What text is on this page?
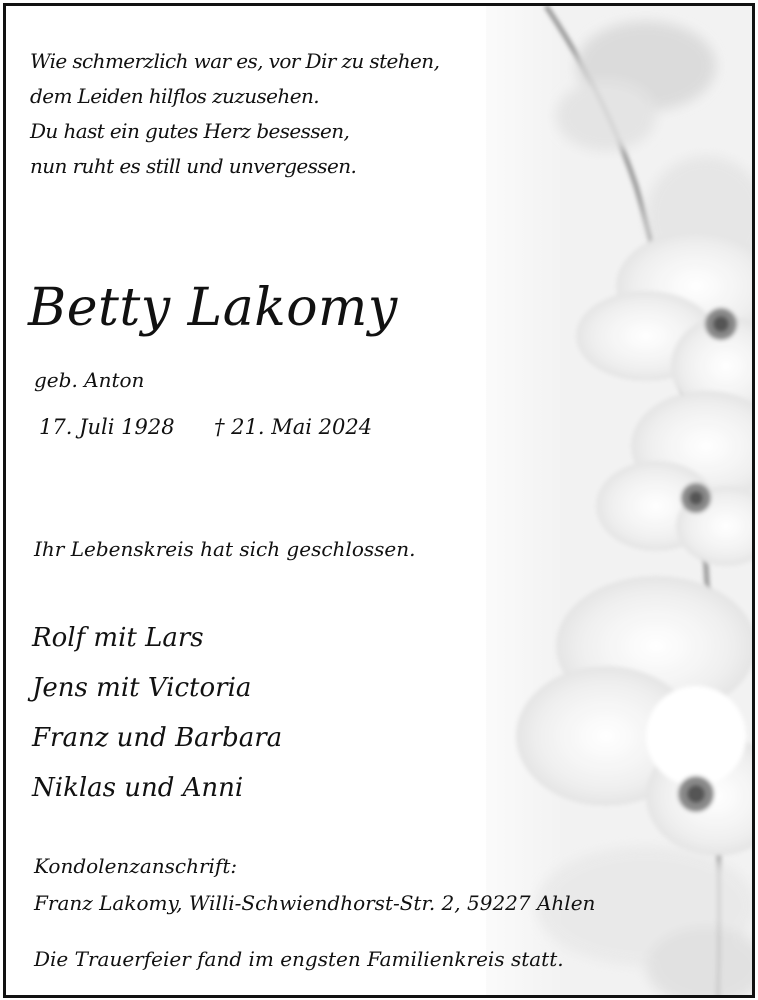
Wie schmerzlich war es, vor Dir zu stehen,
dem Leiden hilflos zuzusehen.
Du hast ein gutes Herz besessen,
nun ruht es still und unvergessen.
Betty Lakomy
geb. Anton
17. Juli 1928 † 21. Mai 2024
Ihr Lebenskreis hat sich geschlossen.
Rolf mit Lars
Jens mit Victoria
Franz und Barbara
Niklas und Anni
Kondolenzanschrift:
Franz Lakomy, Willi-Schwiendhorst-Str. 2, 59227 Ahlen
Die Trauerfeier fand im engsten Familienkreis statt.
